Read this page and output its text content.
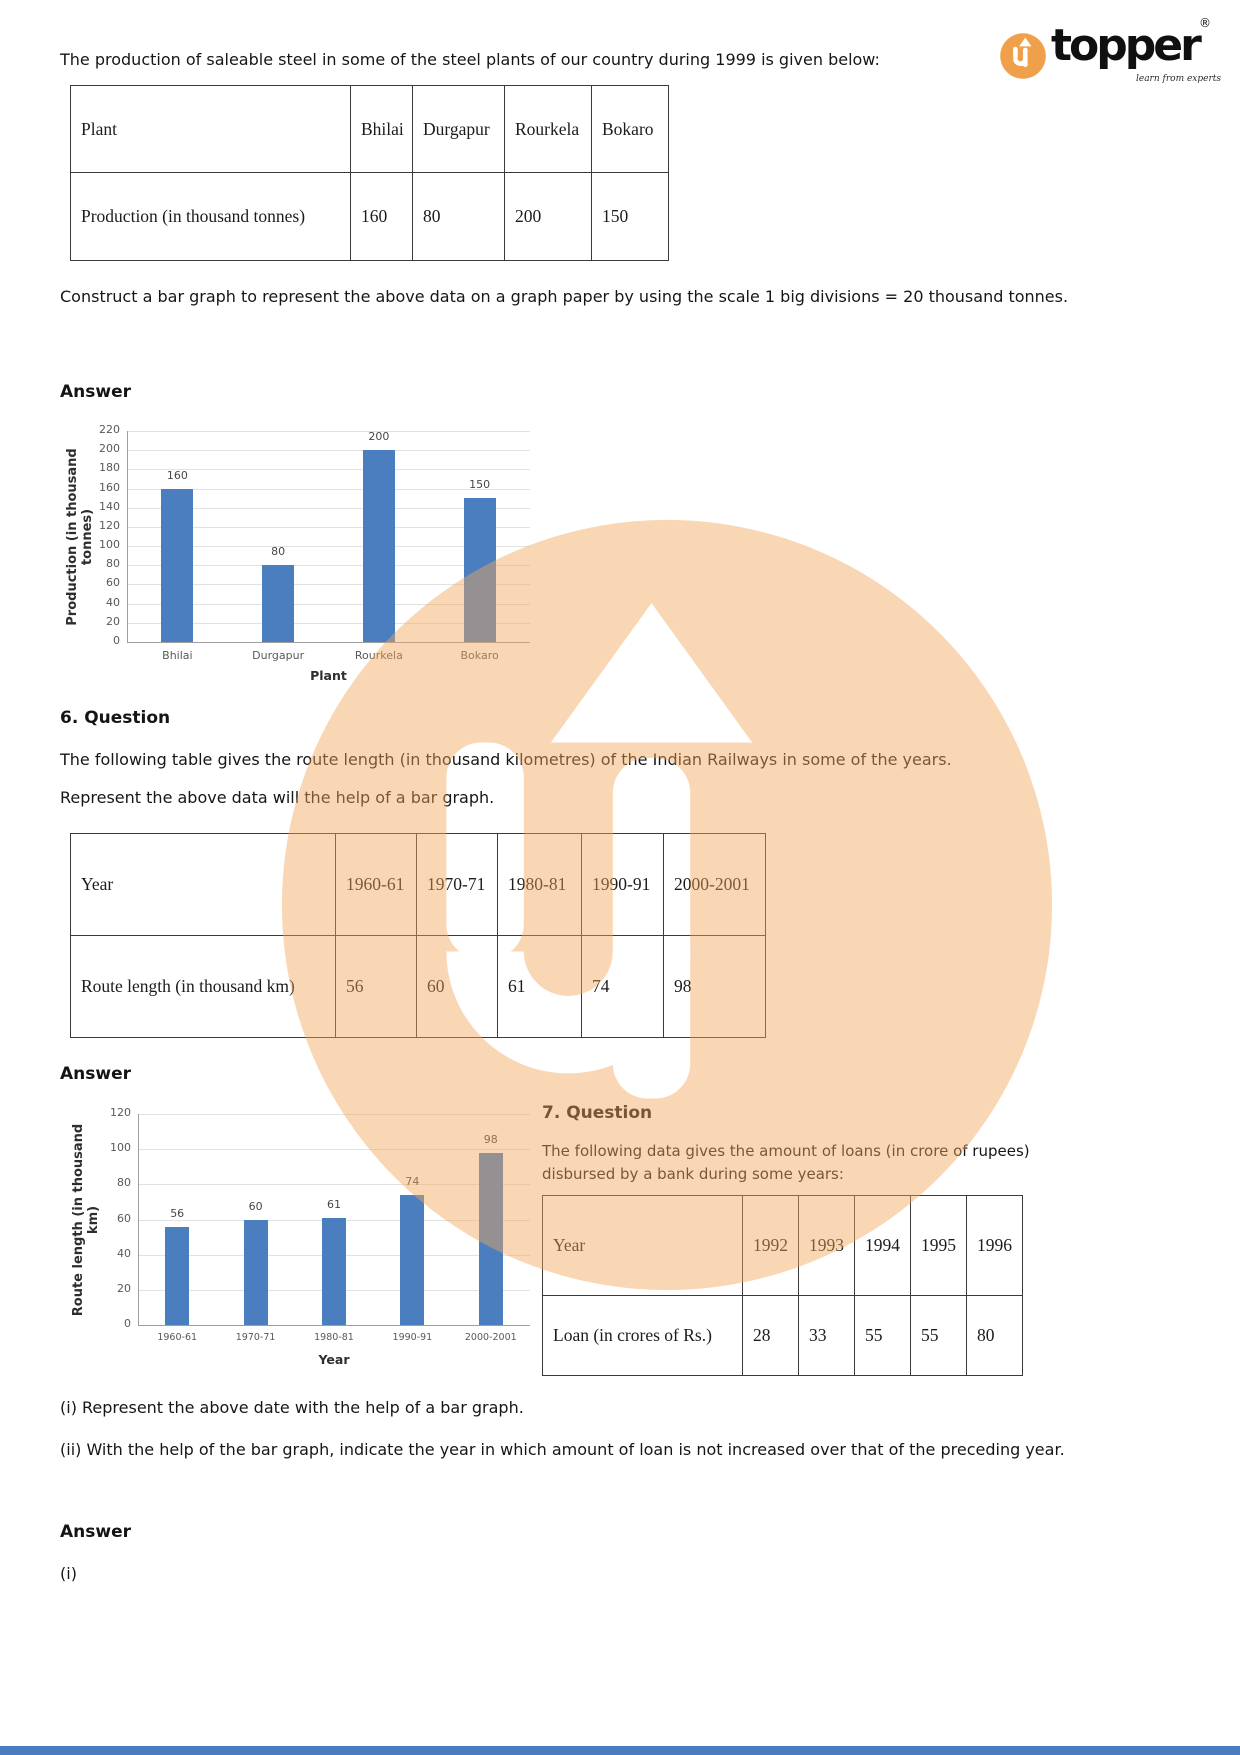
The production of saleable steel in some of the steel plants of our country during 1999 is given below:	topper ®
learn from experts
Plant	Bhilai	Durgapur	Rourkela	Bokaro
Production (in thousand tonnes)	160	80	200	150
Construct a bar graph to represent the above data on a graph paper by using the scale 1 big divisions = 20 thousand tonnes.
Answer
0
20
40
60
80
100
120
140
160
180
200
220
160
Bhilai
80
Durgapur
200
Rourkela
150
Bokaro
Plant
Production (in thousand tonnes)
6. Question
The following table gives the route length (in thousand kilometres) of the Indian Railways in some of the years.
Represent the above data will the help of a bar graph.
Year	1960-61	1970-71	1980-81	1990-91	2000-2001
Route length (in thousand km)	56	60	61	74	98
Answer
0
20
40
60
80
100
120
56
1960-61
60
1970-71
61
1980-81
74
1990-91
98
2000-2001
Year
Route length (in thousand km)
7. Question
The following data gives the amount of loans (in crore of rupees) disbursed by a bank during some years:
Year	1992	1993	1994	1995	1996
Loan (in crores of Rs.)	28	33	55	55	80
(i) Represent the above date with the help of a bar graph.
(ii) With the help of the bar graph, indicate the year in which amount of loan is not increased over that of the preceding year.
Answer
(i)
